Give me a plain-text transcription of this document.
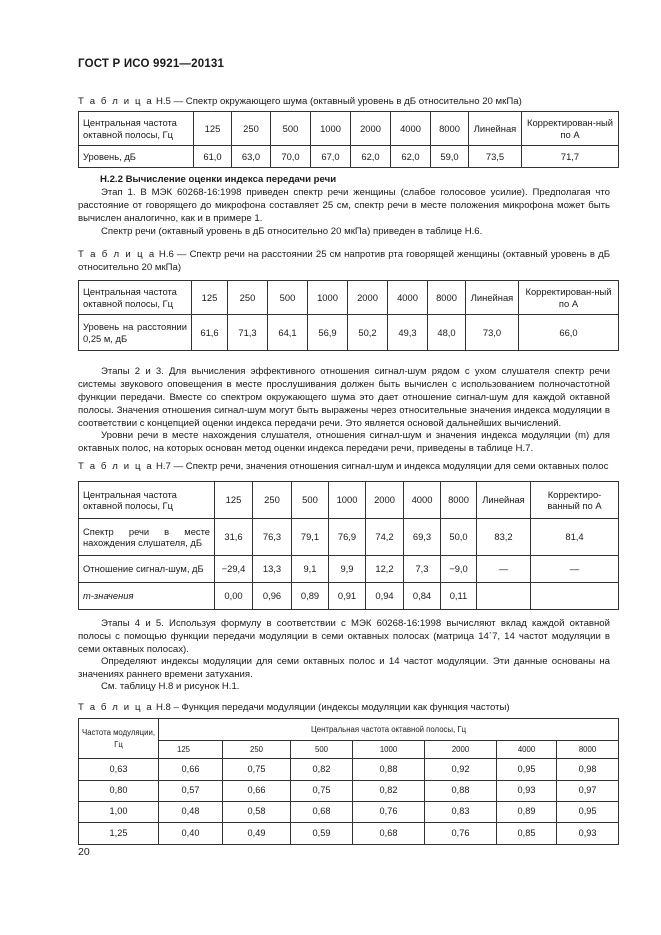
ГОСТ Р ИСО 9921—20131
Т а б л и ц а Н.5 — Спектр окружающего шума (октавный уровень в дБ относительно 20 мкПа)
Центральная частота октавной полосы, Гц	125	250	500	1000	2000	4000	8000	Линейная	Корректирован-ный по А
Уровень, дБ	61,0	63,0	70,0	67,0	62,0	62,0	59,0	73,5	71,7
Н.2.2 Вычисление оценки индекса передачи речи
Этап 1. В МЭК 60268-16:1998 приведен спектр речи женщины (слабое голосовое усилие). Предполагая что расстояние от говорящего до микрофона составляет 25 см, спектр речи в месте положения микрофона может быть вычислен аналогично, как и в примере 1.
Спектр речи (октавный уровень в дБ относительно 20 мкПа) приведен в таблице Н.6.
Т а б л и ц а Н.6 — Спектр речи на расстоянии 25 см напротив рта говорящей женщины (октавный уровень в дБ относительно 20 мкПа)
Центральная частота октавной полосы, Гц	125	250	500	1000	2000	4000	8000	Линейная	Корректирован-ный по А
Уровень на расстоянии 0,25 м, дБ	61,6	71,3	64,1	56,9	50,2	49,3	48,0	73,0	66,0
Этапы 2 и 3. Для вычисления эффективного отношения сигнал-шум рядом с ухом слушателя спектр речи системы звукового оповещения в месте прослушивания должен быть вычислен с использованием полночастотной функции передачи. Вместе со спектром окружающего шума это дает отношение сигнал-шум для каждой октавной полосы. Значения отношения сигнал-шум могут быть выражены через относительные значения индекса модуляции в соответствии с концепцией оценки индекса передачи речи. Это является основой дальнейших вычислений.
Уровни речи в месте нахождения слушателя, отношения сигнал-шум и значения индекса модуляции (m) для октавных полос, на которых основан метод оценки индекса передачи речи, приведены в таблице Н.7.
Т а б л и ц а Н.7 — Спектр речи, значения отношения сигнал-шум и индекса модуляции для семи октавных полос
Центральная частота октавной полосы, Гц	125	250	500	1000	2000	4000	8000	Линейная	Корректиро-ванный по А
Спектр речи в месте нахождения слушателя, дБ	31,6	76,3	79,1	76,9	74,2	69,3	50,0	83,2	81,4
Отношение сигнал-шум, дБ	−29,4	13,3	9,1	9,9	12,2	7,3	−9,0	—	—
m-значения	0,00	0,96	0,89	0,91	0,94	0,84	0,11		
Этапы 4 и 5. Используя формулу в соответствии с МЭК 60268-16:1998 вычисляют вклад каждой октавной полосы с помощью функции передачи модуляции в семи октавных полосах (матрица 14`7, 14 частот модуляции в семи октавных полосах).
Определяют индексы модуляции для семи октавных полос и 14 частот модуляции. Эти данные основаны на значениях раннего времени затухания.
См. таблицу Н.8 и рисунок Н.1.
Т а б л и ц а Н.8 – Функция передачи модуляции (индексы модуляции как функция частоты)
Частота модуляции, Гц	Центральная частота октавной полосы, Гц						
	125	250	500	1000	2000	4000	8000
0,63	0,66	0,75	0,82	0,88	0,92	0,95	0,98
0,80	0,57	0,66	0,75	0,82	0,88	0,93	0,97
1,00	0,48	0,58	0,68	0,76	0,83	0,89	0,95
1,25	0,40	0,49	0,59	0,68	0,76	0,85	0,93
20
